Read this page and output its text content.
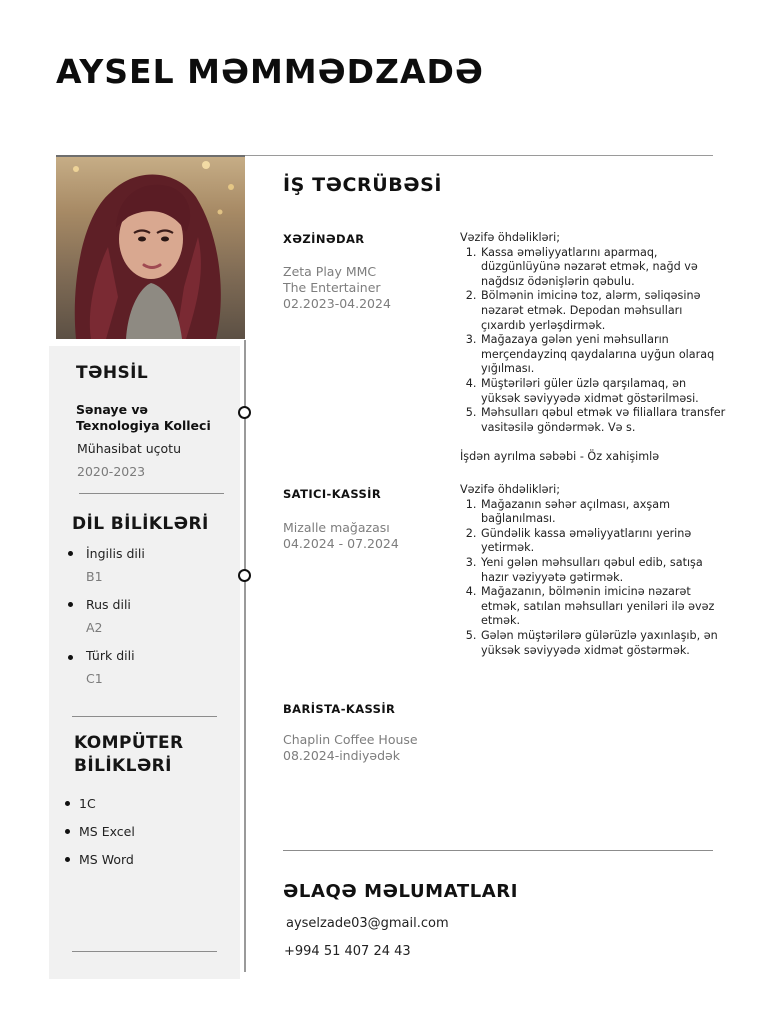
AYSEL MƏMMƏDZADƏ
TƏHSİL
Sənaye və
Texnologiya Kolleci
Mühasibat uçotu
2020-2023
DİL BİLİKLƏRİ
İngilis dili
B1
Rus dili
A2
Türk dili
C1
KOMPÜTER
BİLİKLƏRİ
1C
MS Excel
MS Word
İŞ TƏCRÜBƏSİ
XƏZİNƏDAR
Zeta Play MMC
The Entertainer
02.2023-04.2024
Vəzifə öhdəlikləri;
1. Kassa əməliyyatlarını aparmaq, düzgünlüyünə nəzarət etmək, nağd və nağdsız ödənişlərin qəbulu.
2. Bölmənin imicinə toz, alərm, səliqəsinə nəzarət etmək. Depodan məhsulları çıxardıb yerləşdirmək.
3. Mağazaya gələn yeni məhsulların merçendayzinq qaydalarına uyğun olaraq yığılması.
4. Müştəriləri güler üzlə qarşılamaq, ən yüksək səviyyədə xidmət göstərilməsi.
5. Məhsulları qəbul etmək və filiallara transfer vasitəsilə göndərmək. Və s.
İşdən ayrılma səbəbi - Öz xahişimlə
SATICI-KASSİR
Mizalle mağazası
04.2024 - 07.2024
Vəzifə öhdəlikləri;
1. Mağazanın səhər açılması, axşam bağlanılması.
2. Gündəlik kassa əməliyyatlarını yerinə yetirmək.
3. Yeni gələn məhsulları qəbul edib, satışa hazır vəziyyətə gətirmək.
4. Mağazanın, bölmənin imicinə nəzarət etmək, satılan məhsulları yeniləri ilə əvəz etmək.
5. Gələn müştərilərə gülərüzlə yaxınlaşıb, ən yüksək səviyyədə xidmət göstərmək.
BARİSTA-KASSİR
Chaplin Coffee House
08.2024-indiyədək
ƏLAQƏ MƏLUMATLARI
ayselzade03@gmail.com
+994 51 407 24 43
